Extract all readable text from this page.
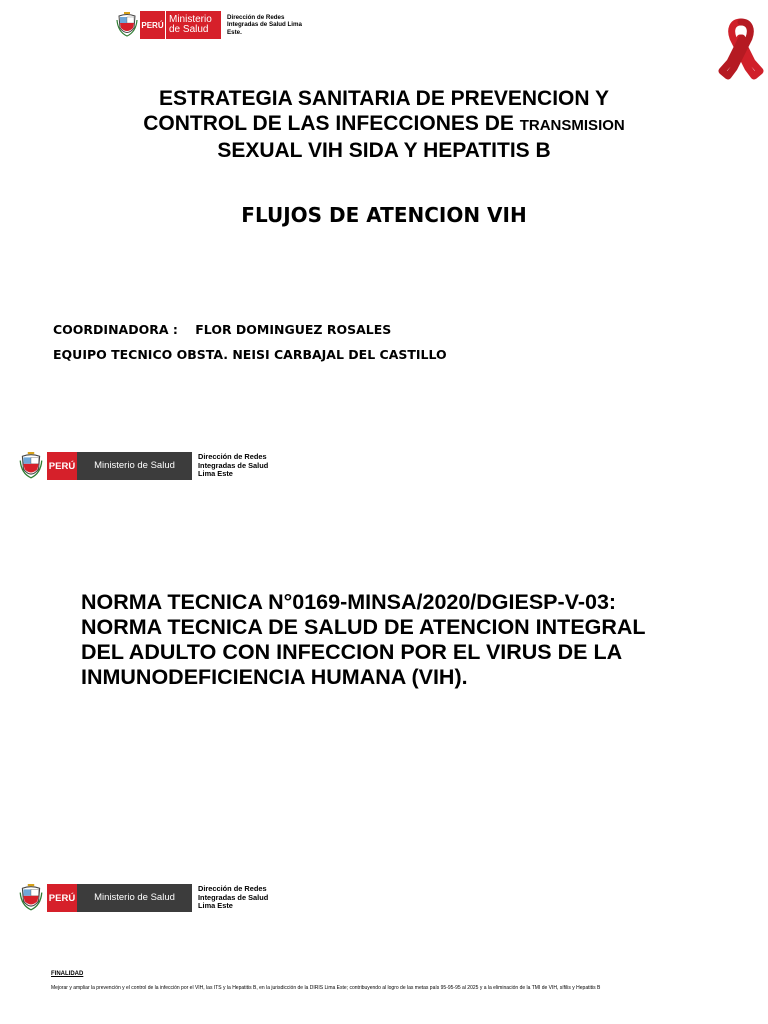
PERÚ
Ministerio
de Salud
Dirección de Redes
Integradas de Salud Lima
Este.
ESTRATEGIA SANITARIA DE PREVENCION Y
CONTROL DE LAS INFECCIONES DE TRANSMISION
SEXUAL VIH SIDA Y HEPATITIS B
FLUJOS DE ATENCION VIH
COORDINADORA :    FLOR DOMINGUEZ ROSALES
EQUIPO TECNICO OBSTA. NEISI CARBAJAL DEL CASTILLO
PERÚ	Ministerio de Salud
Dirección de Redes
Integradas de Salud
Lima Este
NORMA TECNICA N°0169-MINSA/2020/DGIESP-V-03:
NORMA TECNICA DE SALUD DE ATENCION INTEGRAL
DEL ADULTO CON INFECCION POR EL VIRUS DE LA
INMUNODEFICIENCIA HUMANA (VIH).
PERÚ	Ministerio de Salud
Dirección de Redes
Integradas de Salud
Lima Este
FINALIDAD
Mejorar y ampliar la prevención y el control de la infección por el VIH, las ITS y la Hepatitis B, en la jurisdicción de la DIRIS Lima Este; contribuyendo al logro de las metas país 95-95-95 al 2025 y a la eliminación de la TMI de VIH, sífilis y Hepatitis B
